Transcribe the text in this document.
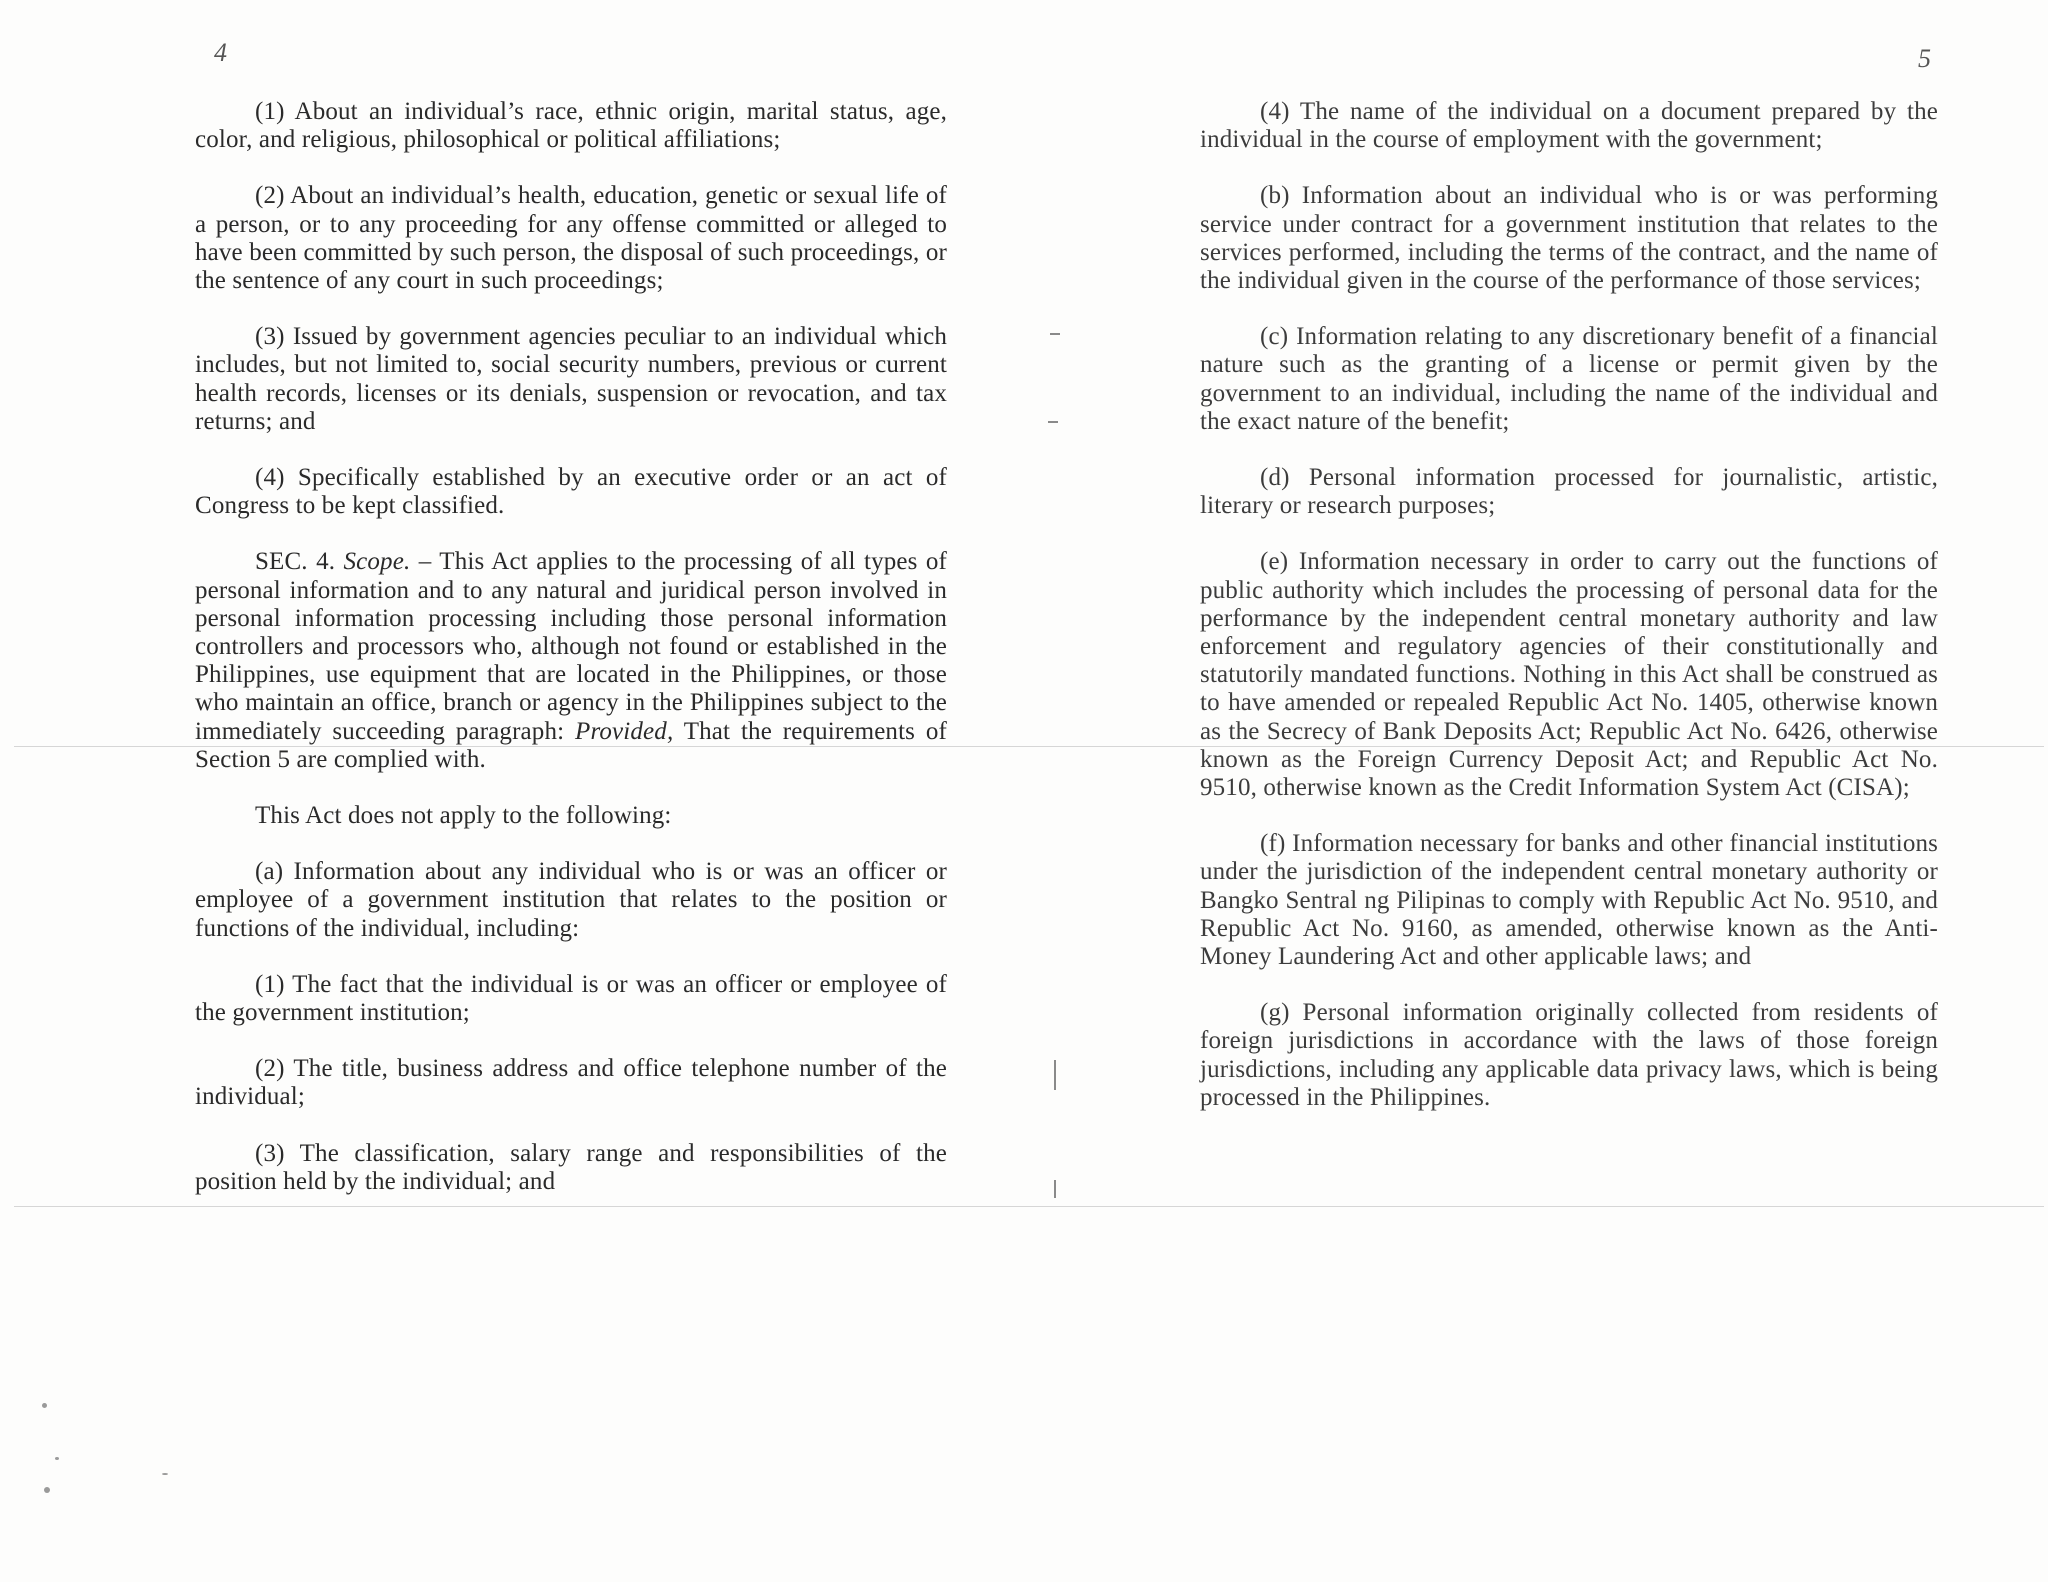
4

(1) About an individual’s race, ethnic origin, marital status, age, color, and religious, philosophical or political affiliations;

(2) About an individual’s health, education, genetic or sexual life of a person, or to any proceeding for any offense committed or alleged to have been committed by such person, the disposal of such proceedings, or the sentence of any court in such proceedings;

(3) Issued by government agencies peculiar to an individual which includes, but not limited to, social security numbers, previous or current health records, licenses or its denials, suspension or revocation, and tax returns; and

(4) Specifically established by an executive order or an act of Congress to be kept classified.

SEC. 4. Scope. – This Act applies to the processing of all types of personal information and to any natural and juridical person involved in personal information processing including those personal information controllers and processors who, although not found or established in the Philippines, use equipment that are located in the Philippines, or those who maintain an office, branch or agency in the Philippines subject to the immediately succeeding paragraph: Provided, That the requirements of Section 5 are complied with.

This Act does not apply to the following:

(a) Information about any individual who is or was an officer or employee of a government institution that relates to the position or functions of the individual, including:

(1) The fact that the individual is or was an officer or employee of the government institution;

(2) The title, business address and office telephone number of the individual;

(3) The classification, salary range and responsibilities of the position held by the individual; and

5

(4) The name of the individual on a document prepared by the individual in the course of employment with the government;

(b) Information about an individual who is or was performing service under contract for a government institution that relates to the services performed, including the terms of the contract, and the name of the individual given in the course of the performance of those services;

(c) Information relating to any discretionary benefit of a financial nature such as the granting of a license or permit given by the government to an individual, including the name of the individual and the exact nature of the benefit;

(d) Personal information processed for journalistic, artistic, literary or research purposes;

(e) Information necessary in order to carry out the functions of public authority which includes the processing of personal data for the performance by the independent central monetary authority and law enforcement and regulatory agencies of their constitutionally and statutorily mandated functions. Nothing in this Act shall be construed as to have amended or repealed Republic Act No. 1405, otherwise known as the Secrecy of Bank Deposits Act; Republic Act No. 6426, otherwise known as the Foreign Currency Deposit Act; and Republic Act No. 9510, otherwise known as the Credit Information System Act (CISA);

(f) Information necessary for banks and other financial institutions under the jurisdiction of the independent central monetary authority or Bangko Sentral ng Pilipinas to comply with Republic Act No. 9510, and Republic Act No. 9160, as amended, otherwise known as the Anti-Money Laundering Act and other applicable laws; and

(g) Personal information originally collected from residents of foreign jurisdictions in accordance with the laws of those foreign jurisdictions, including any applicable data privacy laws, which is being processed in the Philippines.
